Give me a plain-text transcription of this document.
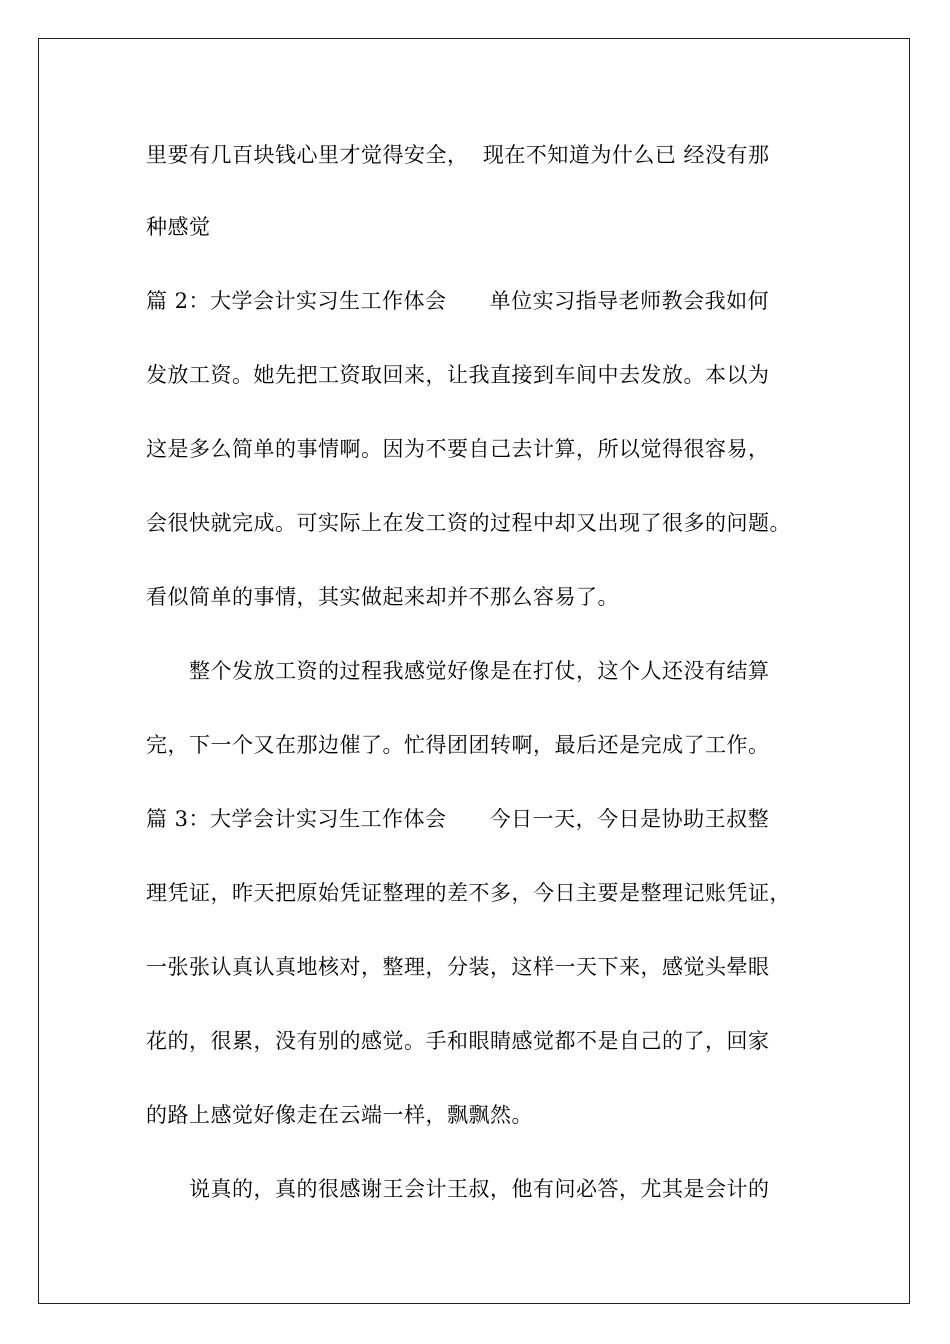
里要有几百块钱心里才觉得安全，  现在不知道为什么已 经没有那
种感觉
篇 2：大学会计实习生工作体会      单位实习指导老师教会我如何
发放工资。她先把工资取回来，让我直接到车间中去发放。本以为
这是多么简单的事情啊。因为不要自己去计算，所以觉得很容易，
会很快就完成。可实际上在发工资的过程中却又出现了很多的问题。
看似简单的事情，其实做起来却并不那么容易了。
整个发放工资的过程我感觉好像是在打仗，这个人还没有结算
完，下一个又在那边催了。忙得团团转啊，最后还是完成了工作。
篇 3：大学会计实习生工作体会      今日一天，今日是协助王叔整
理凭证，昨天把原始凭证整理的差不多，今日主要是整理记账凭证，
一张张认真认真地核对，整理，分装，这样一天下来，感觉头晕眼
花的，很累，没有别的感觉。手和眼睛感觉都不是自己的了，回家
的路上感觉好像走在云端一样，飘飘然。
说真的，真的很感谢王会计王叔，他有问必答，尤其是会计的
